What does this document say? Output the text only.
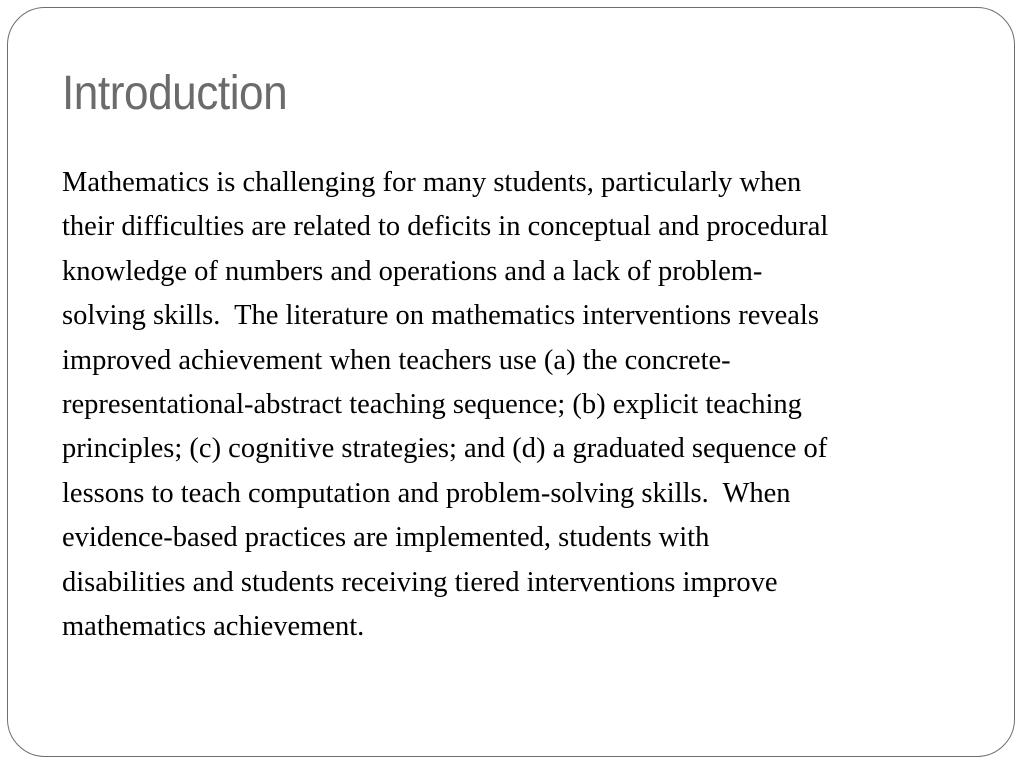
Introduction
Mathematics is challenging for many students, particularly when
their difficulties are related to deficits in conceptual and procedural
knowledge of numbers and operations and a lack of problem-
solving skills.  The literature on mathematics interventions reveals
improved achievement when teachers use (a) the concrete-
representational-abstract teaching sequence; (b) explicit teaching
principles; (c) cognitive strategies; and (d) a graduated sequence of
lessons to teach computation and problem-solving skills.  When
evidence-based practices are implemented, students with
disabilities and students receiving tiered interventions improve
mathematics achievement.
